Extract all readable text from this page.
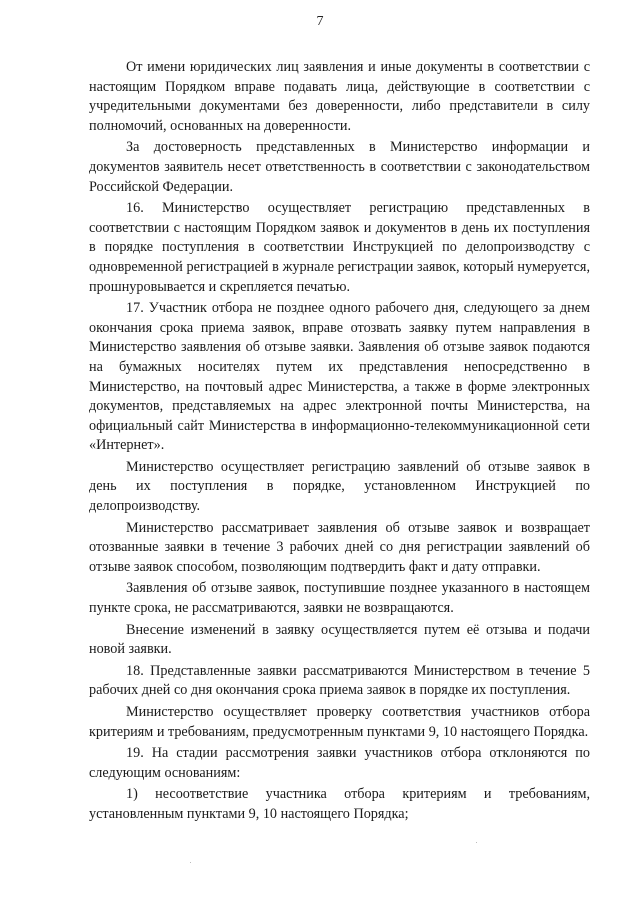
7

От имени юридических лиц заявления и иные документы в соответствии с настоящим Порядком вправе подавать лица, действующие в соответствии с учредительными документами без доверенности, либо представители в силу полномочий, основанных на доверенности.

За достоверность представленных в Министерство информации и документов заявитель несет ответственность в соответствии с законодательством Российской Федерации.

16. Министерство осуществляет регистрацию представленных в соответствии с настоящим Порядком заявок и документов в день их поступления в порядке поступления в соответствии Инструкцией по делопроизводству с одновременной регистрацией в журнале регистрации заявок, который нумеруется, прошнуровывается и скрепляется печатью.

17. Участник отбора не позднее одного рабочего дня, следующего за днем окончания срока приема заявок, вправе отозвать заявку путем направления в Министерство заявления об отзыве заявки. Заявления об отзыве заявок подаются на бумажных носителях путем их представления непосредственно в Министерство, на почтовый адрес Министерства, а также в форме электронных документов, представляемых на адрес электронной почты Министерства, на официальный сайт Министерства в информационно-телекоммуникационной сети «Интернет».

Министерство осуществляет регистрацию заявлений об отзыве заявок в день их поступления в порядке, установленном Инструкцией по делопроизводству.

Министерство рассматривает заявления об отзыве заявок и возвращает отозванные заявки в течение 3 рабочих дней со дня регистрации заявлений об отзыве заявок способом, позволяющим подтвердить факт и дату отправки.

Заявления об отзыве заявок, поступившие позднее указанного в настоящем пункте срока, не рассматриваются, заявки не возвращаются.

Внесение изменений в заявку осуществляется путем её отзыва и подачи новой заявки.

18. Представленные заявки рассматриваются Министерством в течение 5 рабочих дней со дня окончания срока приема заявок в порядке их поступления.

Министерство осуществляет проверку соответствия участников отбора критериям и требованиям, предусмотренным пунктами 9, 10 настоящего Порядка.

19. На стадии рассмотрения заявки участников отбора отклоняются по следующим основаниям:

1) несоответствие участника отбора критериям и требованиям, установленным пунктами 9, 10 настоящего Порядка;
